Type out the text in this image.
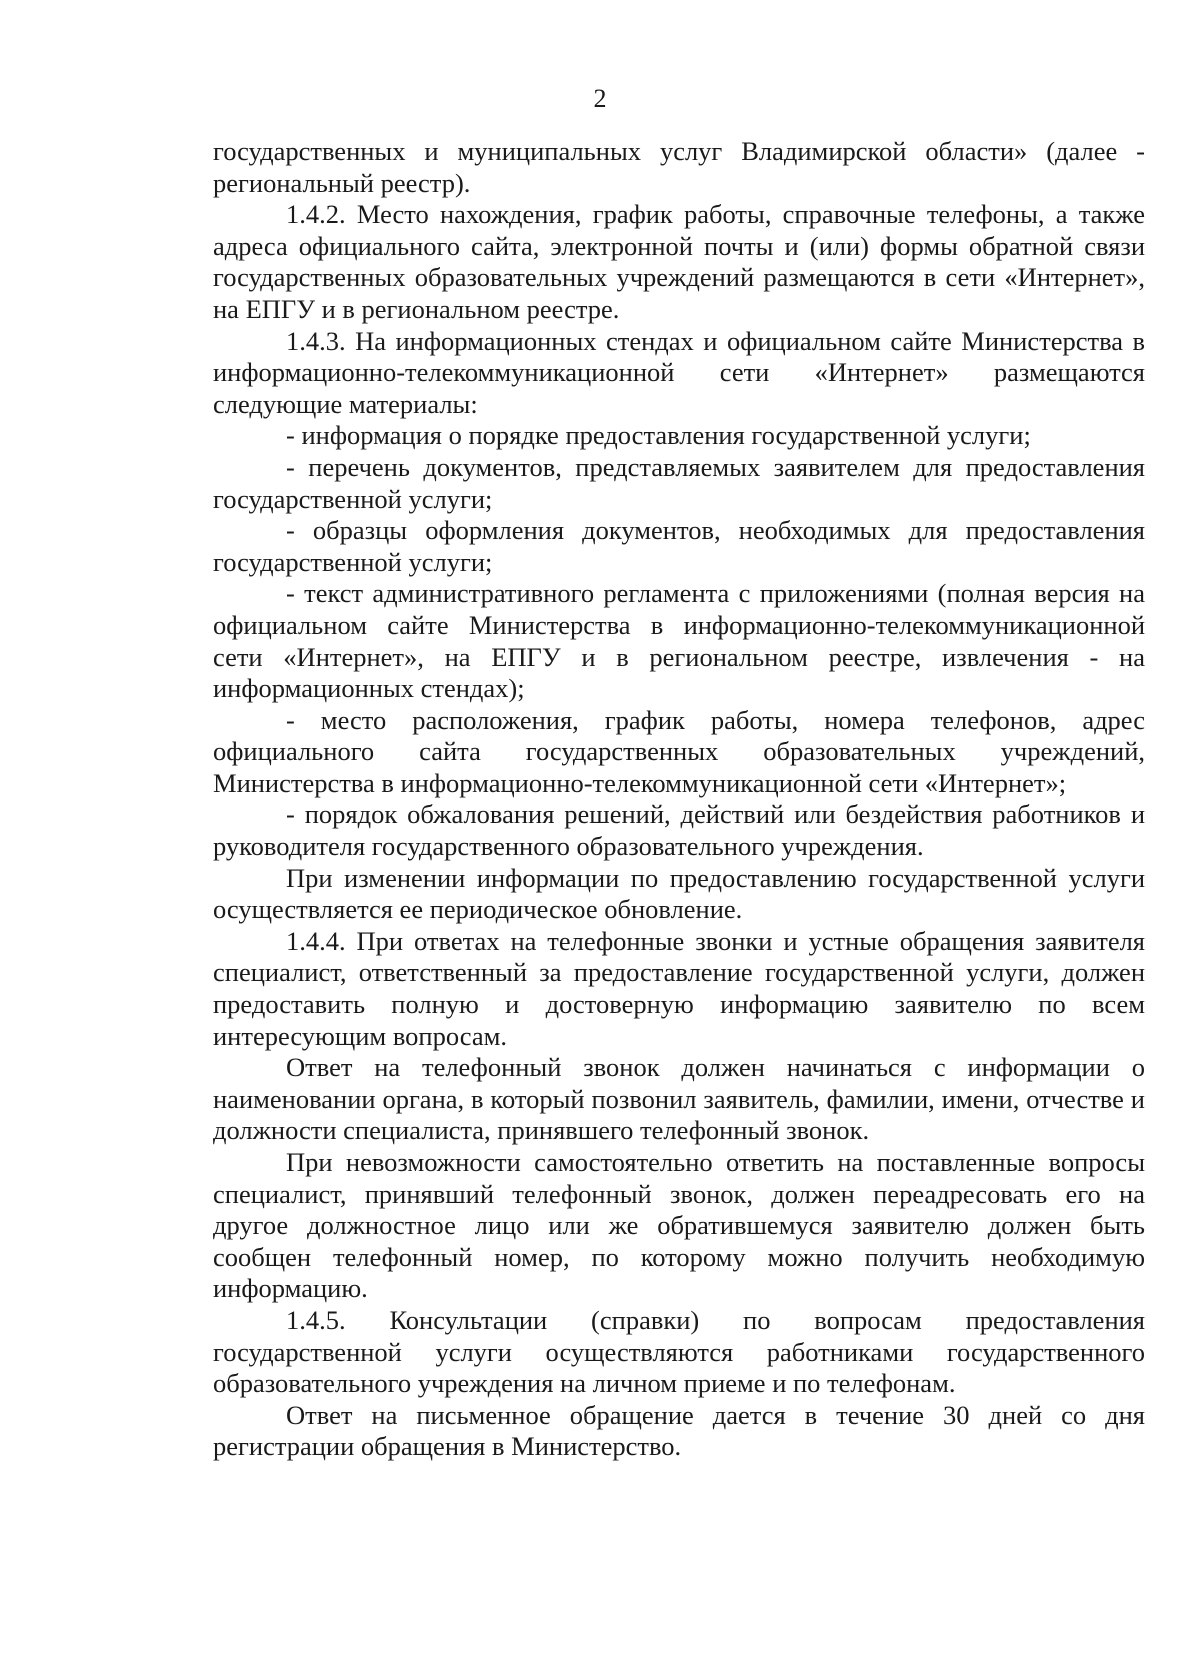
2

государственных и муниципальных услуг Владимирской области» (далее - региональный реестр).

1.4.2. Место нахождения, график работы, справочные телефоны, а также адреса официального сайта, электронной почты и (или) формы обратной связи государственных образовательных учреждений размещаются в сети «Интернет», на ЕПГУ и в региональном реестре.

1.4.3. На информационных стендах и официальном сайте Министерства в информационно-телекоммуникационной сети «Интернет» размещаются следующие материалы:

- информация о порядке предоставления государственной услуги;

- перечень документов, представляемых заявителем для предоставления государственной услуги;

- образцы оформления документов, необходимых для предоставления государственной услуги;

- текст административного регламента с приложениями (полная версия на официальном сайте Министерства в информационно-телекоммуникационной сети «Интернет», на ЕПГУ и в региональном реестре, извлечения - на информационных стендах);

- место расположения, график работы, номера телефонов, адрес официального сайта государственных образовательных учреждений, Министерства в информационно-телекоммуникационной сети «Интернет»;

- порядок обжалования решений, действий или бездействия работников и руководителя государственного образовательного учреждения.

При изменении информации по предоставлению государственной услуги осуществляется ее периодическое обновление.

1.4.4. При ответах на телефонные звонки и устные обращения заявителя специалист, ответственный за предоставление государственной услуги, должен предоставить полную и достоверную информацию заявителю по всем интересующим вопросам.

Ответ на телефонный звонок должен начинаться с информации о наименовании органа, в который позвонил заявитель, фамилии, имени, отчестве и должности специалиста, принявшего телефонный звонок.

При невозможности самостоятельно ответить на поставленные вопросы специалист, принявший телефонный звонок, должен переадресовать его на другое должностное лицо или же обратившемуся заявителю должен быть сообщен телефонный номер, по которому можно получить необходимую информацию.

1.4.5. Консультации (справки) по вопросам предоставления государственной услуги осуществляются работниками государственного образовательного учреждения на личном приеме и по телефонам.

Ответ на письменное обращение дается в течение 30 дней со дня регистрации обращения в Министерство.
